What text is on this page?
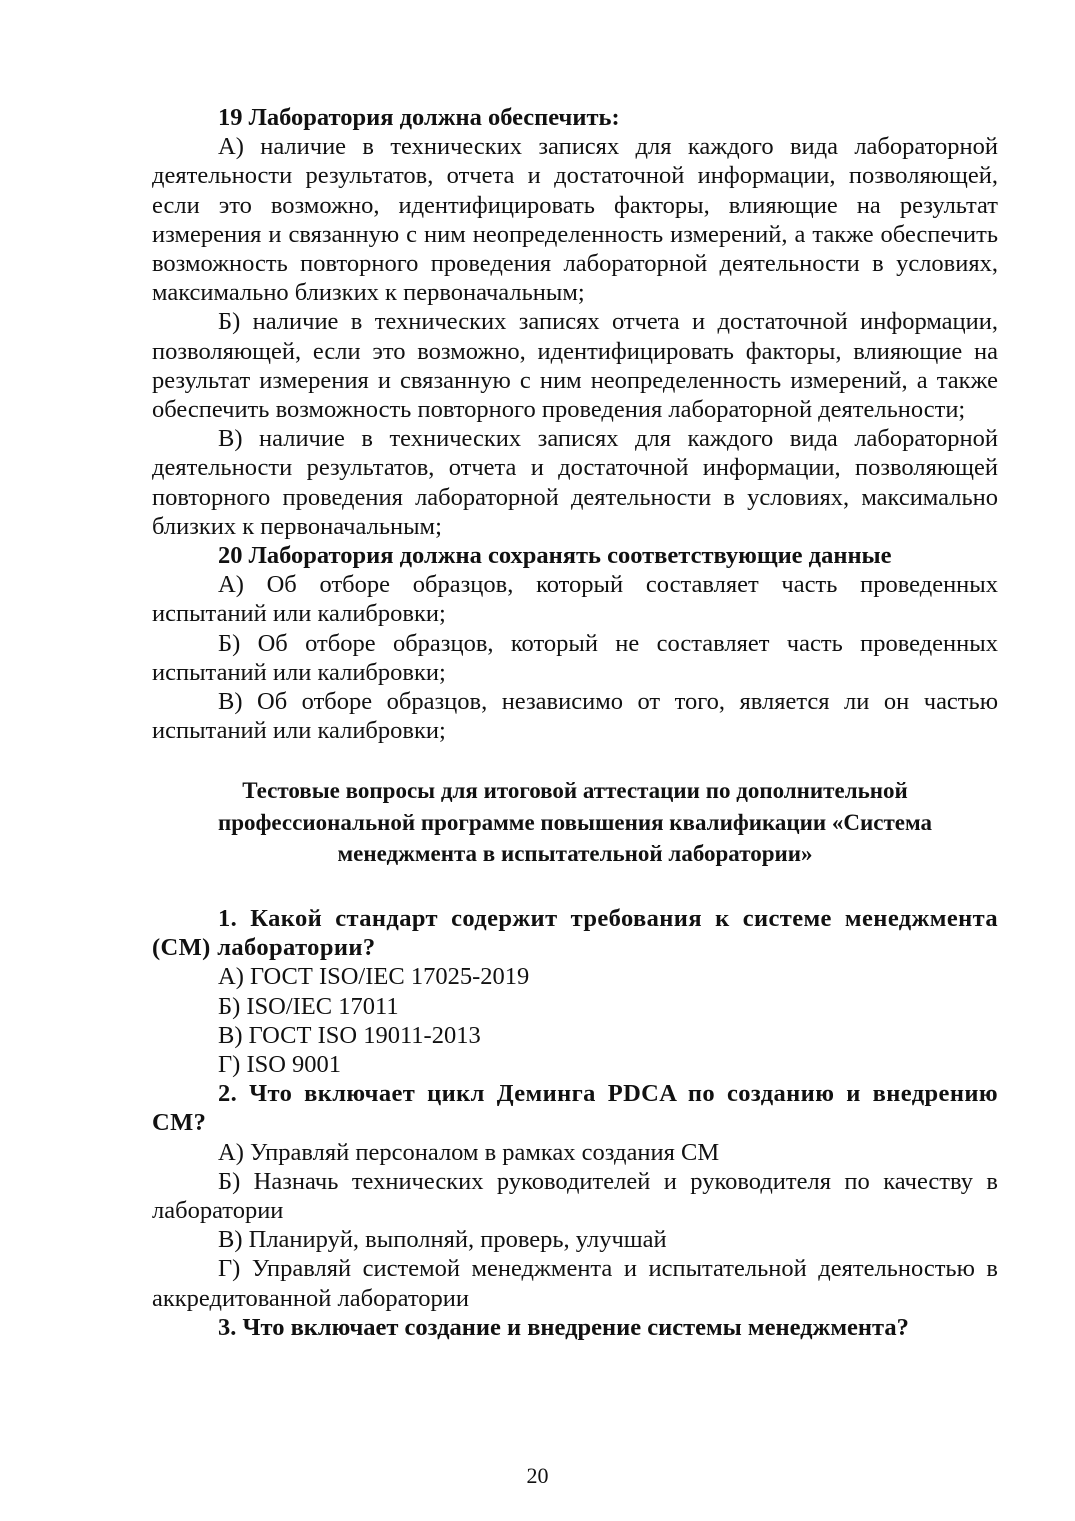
19 Лаборатория должна обеспечить:

А) наличие в технических записях для каждого вида лабораторной деятельности результатов, отчета и достаточной информации, позволяющей, если это возможно, идентифицировать факторы, влияющие на результат измерения и связанную с ним неопределенность измерений, а также обеспечить возможность повторного проведения лабораторной деятельности в условиях, максимально близких к первоначальным;

Б) наличие в технических записях отчета и достаточной информации, позволяющей, если это возможно, идентифицировать факторы, влияющие на результат измерения и связанную с ним неопределенность измерений, а также обеспечить возможность повторного проведения лабораторной деятельности;

В) наличие в технических записях для каждого вида лабораторной деятельности результатов, отчета и достаточной информации, позволяющей повторного проведения лабораторной деятельности в условиях, максимально близких к первоначальным;

20 Лаборатория должна сохранять соответствующие данные

А) Об отборе образцов, который составляет часть проведенных испытаний или калибровки;

Б) Об отборе образцов, который не составляет часть проведенных испытаний или калибровки;

В) Об отборе образцов, независимо от того, является ли он частью испытаний или калибровки;

Тестовые вопросы для итоговой аттестации по дополнительной
профессиональной программе повышения квалификации «Система
менеджмента в испытательной лаборатории»

1. Какой стандарт содержит требования к системе менеджмента (СМ) лаборатории?

А) ГОСТ ISO/IEC 17025-2019

Б) ISO/IEC 17011

В) ГОСТ ISO 19011-2013

Г) ISO 9001

2. Что включает цикл Деминга PDCA по созданию и внедрению СМ?

А) Управляй персоналом в рамках создания СМ

Б) Назначь технических руководителей и руководителя по качеству в лаборатории

В) Планируй, выполняй, проверь, улучшай

Г) Управляй системой менеджмента и испытательной деятельностью в аккредитованной лаборатории

3. Что включает создание и внедрение системы менеджмента?

20
